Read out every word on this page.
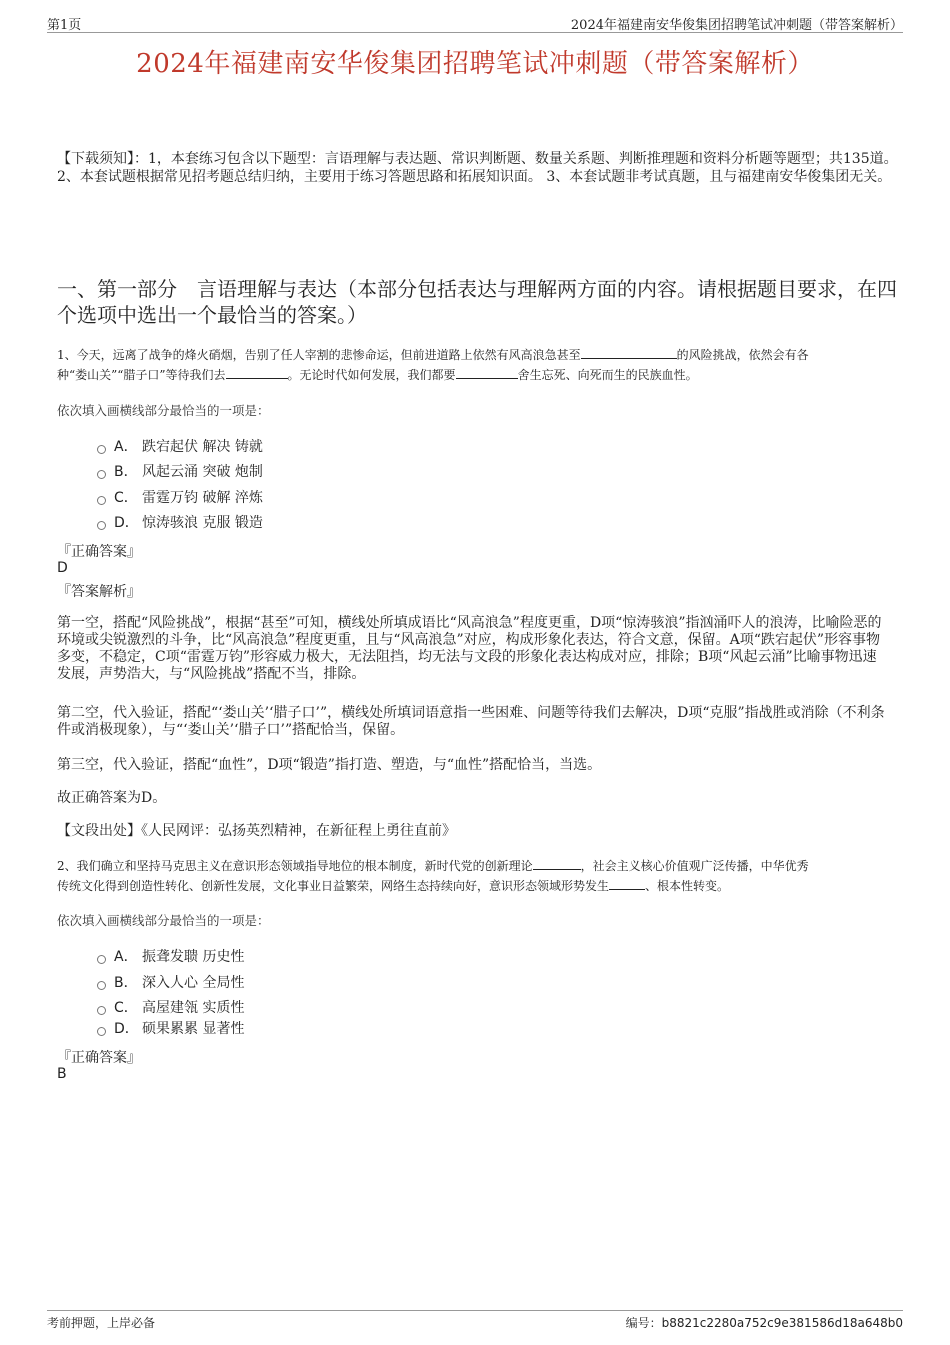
第1页	2024年福建南安华俊集团招聘笔试冲刺题（带答案解析）
2024年福建南安华俊集团招聘笔试冲刺题（带答案解析）
【下载须知】：1，本套练习包含以下题型：言语理解与表达题、常识判断题、数量关系题、判断推理题和资料分析题等题型；共135道。 2、本套试题根据常见招考题总结归纳，主要用于练习答题思路和拓展知识面。 3、本套试题非考试真题，且与福建南安华俊集团无关。
一、第一部分　言语理解与表达（本部分包括表达与理解两方面的内容。请根据题目要求，在四个选项中选出一个最恰当的答案。）
1、今天，远离了战争的烽火硝烟，告别了任人宰割的悲惨命运，但前进道路上依然有风高浪急甚至	的风险挑战，依然会有各
种“娄山关”“腊子口”等待我们去	。无论时代如何发展，我们都要	舍生忘死、向死而生的民族血性。
依次填入画横线部分最恰当的一项是：
A． 跌宕起伏 解决 铸就
B． 风起云涌 突破 炮制
C． 雷霆万钧 破解 淬炼
D． 惊涛骇浪 克服 锻造
『正确答案』
D
『答案解析』
第一空，搭配“风险挑战”，根据“甚至”可知，横线处所填成语比“风高浪急”程度更重，D项“惊涛骇浪”指汹涌吓人的浪涛，比喻险恶的环境或尖锐激烈的斗争，比“风高浪急”程度更重，且与“风高浪急”对应，构成形象化表达，符合文意，保留。A项“跌宕起伏”形容事物多变，不稳定，C项“雷霆万钧”形容威力极大，无法阻挡，均无法与文段的形象化表达构成对应，排除；B项“风起云涌”比喻事物迅速发展，声势浩大，与“风险挑战”搭配不当，排除。
第二空，代入验证，搭配“‘娄山关’‘腊子口’”，横线处所填词语意指一些困难、问题等待我们去解决，D项“克服”指战胜或消除（不利条件或消极现象），与“‘娄山关’‘腊子口’”搭配恰当，保留。
第三空，代入验证，搭配“血性”，D项“锻造”指打造、塑造，与“血性”搭配恰当，当选。
故正确答案为D。
【文段出处】《人民网评：弘扬英烈精神，在新征程上勇往直前》
2、我们确立和坚持马克思主义在意识形态领域指导地位的根本制度，新时代党的创新理论	，社会主义核心价值观广泛传播，中华优秀
传统文化得到创造性转化、创新性发展，文化事业日益繁荣，网络生态持续向好，意识形态领域形势发生	、根本性转变。
依次填入画横线部分最恰当的一项是：
A． 振聋发聩 历史性
B． 深入人心 全局性
C． 高屋建瓴 实质性
D． 硕果累累 显著性
『正确答案』
B
考前押题，上岸必备	编号：b8821c2280a752c9e381586d18a648b0
